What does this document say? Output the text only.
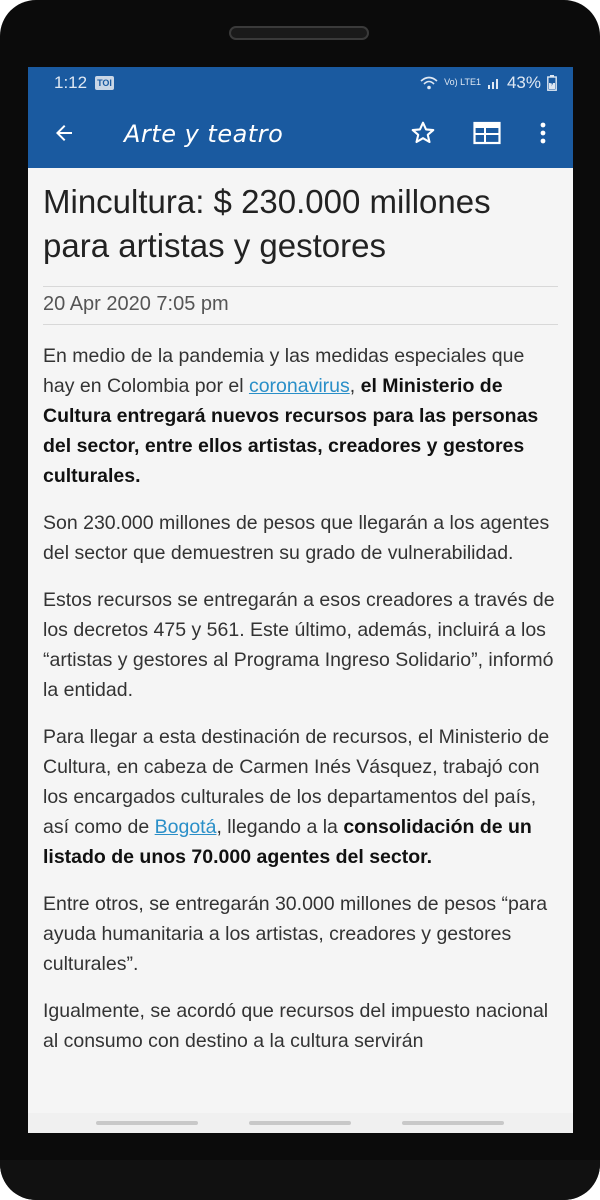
1:12 TOI	Vo) LTE1 43%
Arte y teatro
Mincultura: $ 230.000 millones para artistas y gestores
20 Apr 2020 7:05 pm

En medio de la pandemia y las medidas especiales que hay en Colombia por el coronavirus, el Ministerio de Cultura entregará nuevos recursos para las personas del sector, entre ellos artistas, creadores y gestores culturales.

Son 230.000 millones de pesos que llegarán a los agentes del sector que demuestren su grado de vulnerabilidad.

Estos recursos se entregarán a esos creadores a través de los decretos 475 y 561. Este último, además, incluirá a los “artistas y gestores al Programa Ingreso Solidario”, informó la entidad.

Para llegar a esta destinación de recursos, el Ministerio de Cultura, en cabeza de Carmen Inés Vásquez, trabajó con los encargados culturales de los departamentos del país, así como de Bogotá, llegando a la consolidación de un listado de unos 70.000 agentes del sector.

Entre otros, se entregarán 30.000 millones de pesos “para ayuda humanitaria a los artistas, creadores y gestores culturales”.

Igualmente, se acordó que recursos del impuesto nacional al consumo con destino a la cultura servirán
